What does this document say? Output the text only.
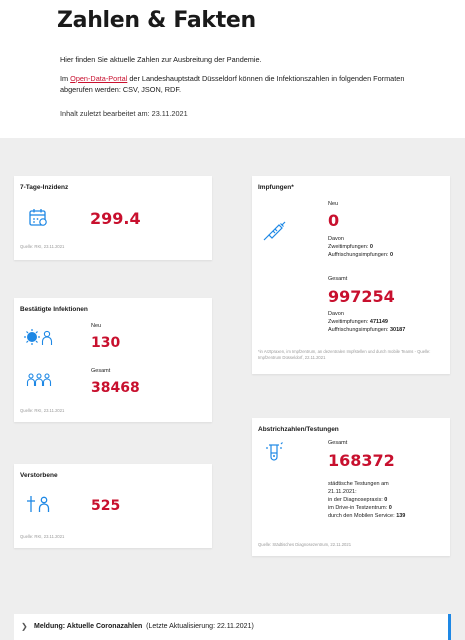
Zahlen & Fakten

Hier finden Sie aktuelle Zahlen zur Ausbreitung der Pandemie.

Im Open-Data-Portal der Landeshauptstadt Düsseldorf können die Infektionszahlen in folgenden Formaten abgerufen werden: CSV, JSON, RDF.

Inhalt zuletzt bearbeitet am: 23.11.2021

7-Tage-Inzidenz
299.4
Quelle: RKI, 23.11.2021
Bestätigte Infektionen
Neu
130
Gesamt
38468
Quelle: RKI, 23.11.2021
Verstorbene
525
Quelle: RKI, 23.11.2021
Impfungen*
Neu
0
Davon
Zweitimpfungen: 0
Auffrischungsimpfungen: 0
Gesamt
997254
Davon
Zweitimpfungen: 471149
Auffrischungsimpfungen: 30187
*in Arztpraxen, im Impfzentrum, an dezentralen Impfstellen und durch mobile Teams - Quelle: Impfzentrum Düsseldorf, 22.11.2021
Abstrichzahlen/Testungen
Gesamt
168372
städtische Testungen am
21.11.2021:
in der Diagnosepraxis: 0
im Drive-in Testzentrum: 0
durch den Mobilen Service: 139
Quelle: Städtisches Diagnosezentrum, 22.11.2021
❯ Meldung: Aktuelle Coronazahlen (Letzte Aktualisierung: 22.11.2021)
